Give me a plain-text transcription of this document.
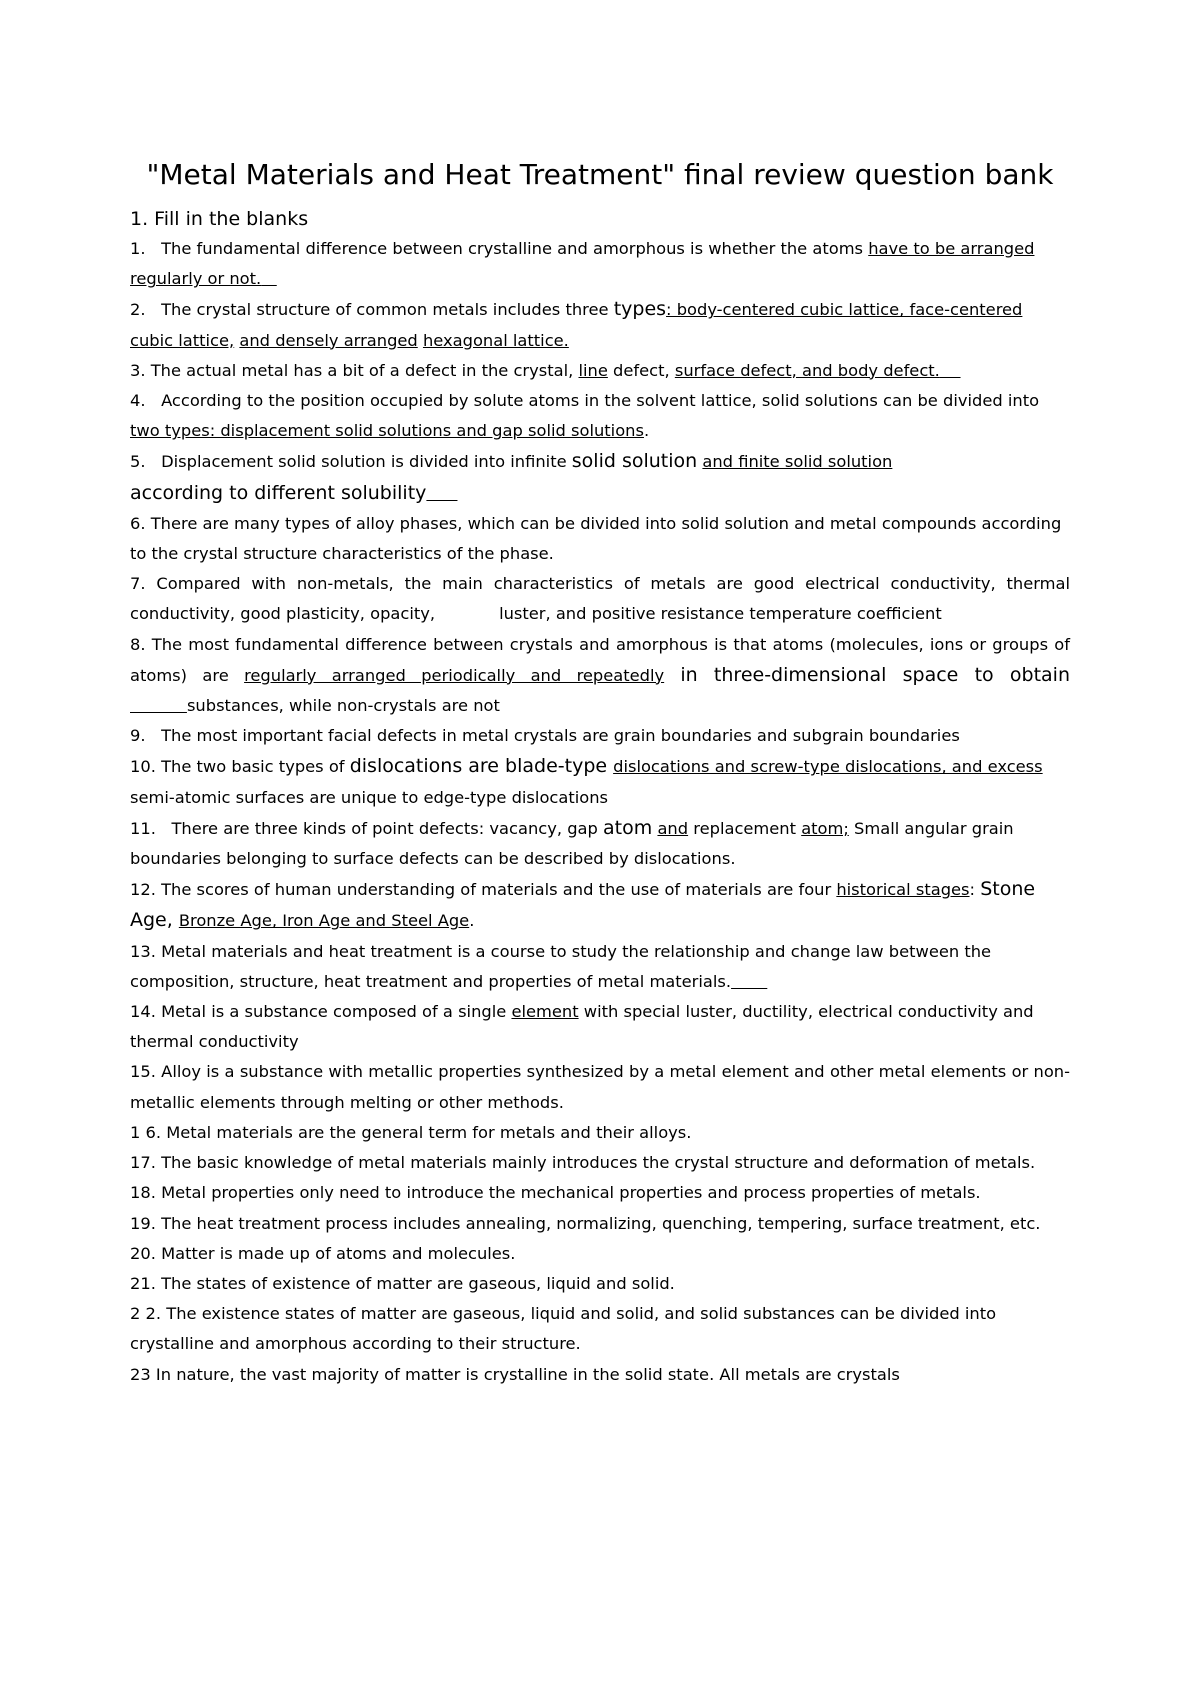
"Metal Materials and Heat Treatment" final review question bank
1. Fill in the blanks

1. The fundamental difference between crystalline and amorphous is whether the atoms have to be arranged regularly or not.

2. The crystal structure of common metals includes three types: body-centered cubic lattice, face-centered cubic lattice, and densely arranged hexagonal lattice.

3. The actual metal has a bit of a defect in the crystal, line defect, surface defect, and body defect.

4. According to the position occupied by solute atoms in the solvent lattice, solid solutions can be divided into two types: displacement solid solutions and gap solid solutions.

5. Displacement solid solution is divided into infinite solid solution and finite solid solution
according to different solubility

6. There are many types of alloy phases, which can be divided into solid solution and metal compounds according to the crystal structure characteristics of the phase.

7. Compared with non-metals, the main characteristics of metals are good electrical conductivity, thermal conductivity, good plasticity, opacity,	luster, and positive resistance temperature coefficient

8. The most fundamental difference between crystals and amorphous is that atoms (molecules, ions or groups of atoms) are regularly arranged periodically and repeatedly in three-dimensional space to obtain            substances, while non-crystals are not

9. The most important facial defects in metal crystals are grain boundaries and subgrain boundaries

10. The two basic types of dislocations are blade-type dislocations and screw-type dislocations, and excess semi-atomic surfaces are unique to edge-type dislocations

11. There are three kinds of point defects: vacancy, gap atom and replacement atom; Small angular grain boundaries belonging to surface defects can be described by dislocations.

12. The scores of human understanding of materials and the use of materials are four historical stages: Stone Age, Bronze Age, Iron Age and Steel Age.

13. Metal materials and heat treatment is a course to study the relationship and change law between the composition, structure, heat treatment and properties of metal materials.

14. Metal is a substance composed of a single element with special luster, ductility, electrical conductivity and thermal conductivity

15. Alloy is a substance with metallic properties synthesized by a metal element and other metal elements or non-metallic elements through melting or other methods.

1 6. Metal materials are the general term for metals and their alloys.

17. The basic knowledge of metal materials mainly introduces the crystal structure and deformation of metals.

18. Metal properties only need to introduce the mechanical properties and process properties of metals.

19. The heat treatment process includes annealing, normalizing, quenching, tempering, surface treatment, etc.

20. Matter is made up of atoms and molecules.

21. The states of existence of matter are gaseous, liquid and solid.

2 2. The existence states of matter are gaseous, liquid and solid, and solid substances can be divided into crystalline and amorphous according to their structure.

23 In nature, the vast majority of matter is crystalline in the solid state. All metals are crystals
